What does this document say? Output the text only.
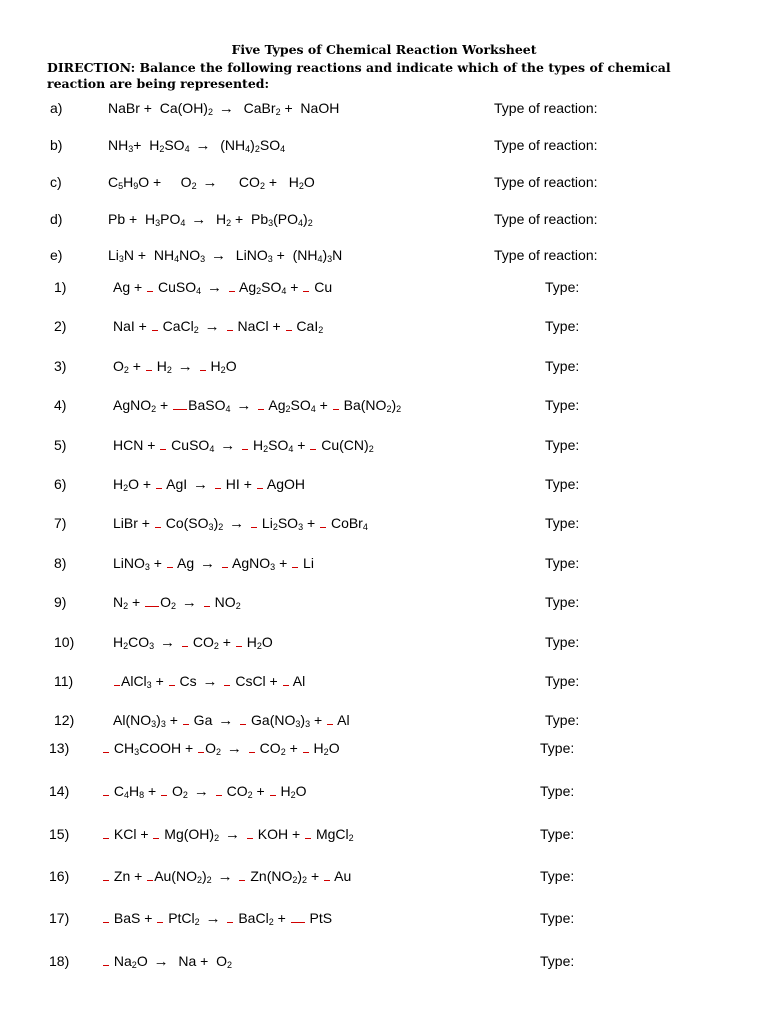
Five Types of Chemical Reaction Worksheet
DIRECTION: Balance the following reactions and indicate which of the types of chemical reaction are being represented:
a)	NaBr +  $Ca(OH)_2$ →  CaBr$_2$ +  NaOH	Type of reaction:
b)	$NH_3+ H_2SO_4 \to (NH_4)_2SO_4$	Type of reaction:
c)	$C_5H_9O$ +     $O_2$ →     $CO_2 + H_2O$	Type of reaction:
d)	$Pb + H_3PO_4 \to H_2 + Pb_3(PO_4)_2$	Type of reaction:
e)	$Li_3N + NH_4NO_3$ →  LiNO$_3$ +  $(NH_4)_3N$	Type of reaction:
1)	Ag +  CuSO$_4$ →  $Ag_2SO_4 + Cu$	Type:
2)	NaI +  CaCl$_2$ →  NaCl +  CaI$_2$	Type:
3)	$O_2 + H_2 \to H_2O$	Type:
4)	AgNO$_2$ + BaSO$_4$ →  $Ag_2SO_4 + Ba(NO_2)_2$	Type:
5)	HCN +  CuSO$_4$ →  $H_2SO_4 + Cu(CN)_2$	Type:
6)	$H_2O$ +  AgI →  HI +  AgOH	Type:
7)	LiBr +  $Co(SO_3)_2 \to Li_2SO_3$ +  CoBr$_4$	Type:
8)	LiNO$_3$ +  Ag →  AgNO$_3$ +  Li	Type:
9)	$N_2 + O_2 \to NO_2$	Type:
10)	$H_2CO_3 \to CO_2 + H_2O$	Type:
11)	AlCl$_3$ +  Cs →  CsCl +  Al	Type:
12)	$Al(NO_3)_3 + Ga \to Ga(NO_3)_3 + Al$	Type:
13)	$CH_3COOH + O_2 \to CO_2 + H_2O$	Type:
14)	$C_4H_8 + O_2 \to CO_2 + H_2O$	Type:
15)	KCl +  $Mg(OH)_2$ →  KOH +  MgCl$_2$	Type:
16)	$Zn + Au(NO_2)_2 \to Zn(NO_2)_2 + Au$	Type:
17)	BaS +  PtCl$_2$ →  BaCl$_2$ +  PtS	Type:
18)	$Na_2O \to Na + O_2$	Type:
